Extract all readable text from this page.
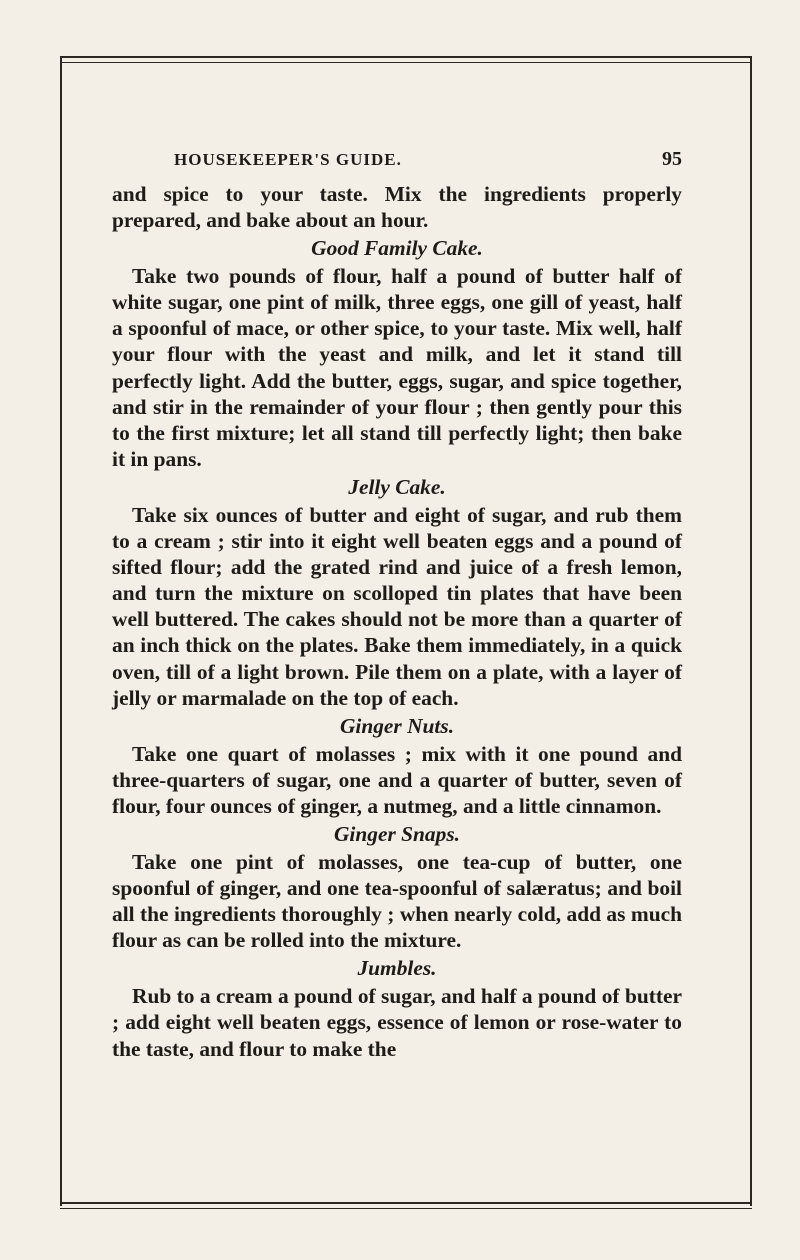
HOUSEKEEPER'S GUIDE.	95

and spice to your taste. Mix the ingredients properly prepared, and bake about an hour.

Good Family Cake.

Take two pounds of flour, half a pound of butter half of white sugar, one pint of milk, three eggs, one gill of yeast, half a spoonful of mace, or other spice, to your taste. Mix well, half your flour with the yeast and milk, and let it stand till perfectly light. Add the butter, eggs, sugar, and spice together, and stir in the remainder of your flour ; then gently pour this to the first mixture; let all stand till perfectly light; then bake it in pans.

Jelly Cake.

Take six ounces of butter and eight of sugar, and rub them to a cream ; stir into it eight well beaten eggs and a pound of sifted flour; add the grated rind and juice of a fresh lemon, and turn the mixture on scolloped tin plates that have been well buttered. The cakes should not be more than a quarter of an inch thick on the plates. Bake them immediately, in a quick oven, till of a light brown. Pile them on a plate, with a layer of jelly or marmalade on the top of each.

Ginger Nuts.

Take one quart of molasses ; mix with it one pound and three-quarters of sugar, one and a quarter of butter, seven of flour, four ounces of ginger, a nutmeg, and a little cinnamon.

Ginger Snaps.

Take one pint of molasses, one tea-cup of butter, one spoonful of ginger, and one tea-spoonful of salæratus; and boil all the ingredients thoroughly ; when nearly cold, add as much flour as can be rolled into the mixture.

Jumbles.

Rub to a cream a pound of sugar, and half a pound of butter ; add eight well beaten eggs, essence of lemon or rose-water to the taste, and flour to make the
